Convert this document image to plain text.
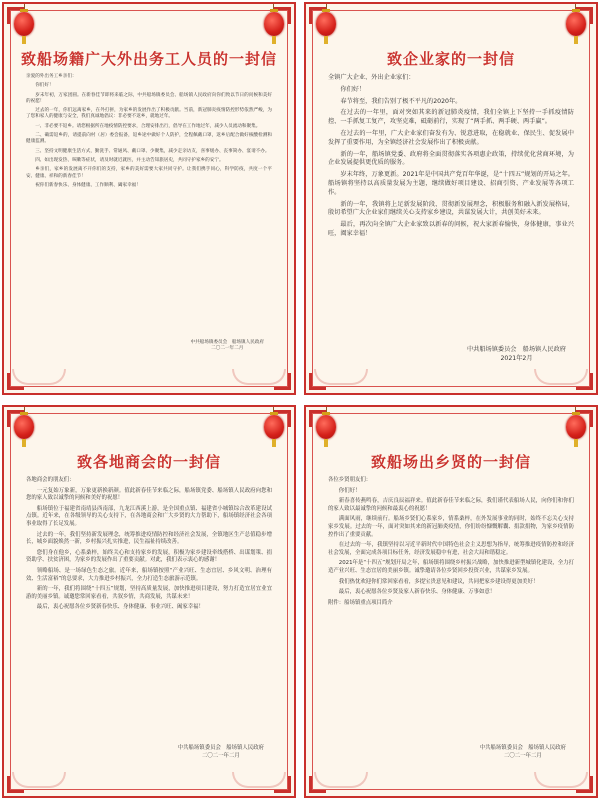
致船场籍广大外出务工人员的一封信

亲爱的外出务工乡亲们：

你们好！

岁末年初，万家团圆。在新春佳节即将来临之际，中共船场镇委员会、船场镇人民政府向你们致以节日的问候和美好的祝愿！

过去的一年，你们远离家乡，在外打拼，为家乡的发展作出了积极贡献。当前，新冠肺炎疫情防控形势依然严峻，为了您和家人的健康与安全，我们真诚地倡议：非必要不返乡，就地过年。

一、非必要不返乡。请您根据所在地疫情防控要求，合理安排出行，倡导在工作地过年，减少人员流动和聚集。

二、确需返乡的，请提前向村（居）委会报备，返乡途中做好个人防护，全程佩戴口罩，返乡后配合做好核酸检测和健康监测。

三、坚持文明健康生活方式，勤洗手、常通风、戴口罩、少聚集，减少走亲访友，喜事缓办、丧事简办、宴请不办。

四、如出现发热、咳嗽等症状，请及时就近就医，并主动告知旅居史，共同守护家乡的安宁。

乡亲们，家乡的发展离不开你们的支持，家乡的美好需要大家共同守护。让我们携手同心，科学防疫，共度一个平安、健康、祥和的新春佳节！

祝你们新春快乐、身体健康、工作顺利、阖家幸福！

中共船场镇委员会　船场镇人民政府
二〇二一年二月
致企业家的一封信

全镇广大企业、外出企业家们：

你们好！

春节将至，我们告别了极不平凡的2020年。

在过去的一年里，面对突如其来的新冠肺炎疫情，我们全镇上下坚持一手抓疫情防控、一手抓复工复产，攻坚克难，砥砺前行，实现了“两手抓、两手硬、两手赢”。

在过去的一年里，广大企业家们奋发有为、锐意进取，在稳就业、保民生、促发展中发挥了重要作用，为全镇经济社会发展作出了积极贡献。

新的一年，船场镇党委、政府将全面贯彻落实各项惠企政策，持续优化营商环境，为企业发展提供更优质的服务。

岁末年终，万象更新。2021年是中国共产党百年华诞，是“十四五”规划的开局之年。船场镇将坚持以高质量发展为主题，继续做好项目建设、招商引资、产业发展等各项工作。

新的一年，我镇将上足新发展阶段、贯彻新发展理念，积极服务和融入新发展格局，殷切希望广大企业家们继续关心支持家乡建设，共谋发展大计，共创美好未来。

最后，再次向全镇广大企业家致以新春的问候，祝大家新春愉快，身体健康，事业兴旺，阖家幸福！

中共船场镇委员会　船场镇人民政府
2021年2月
致各地商会的一封信

各地商会的朋友们：

一元复始万象新，万象更新换新颜。值此新春佳节来临之际，船场镇党委、船场镇人民政府向您和您的家人致以诚挚的问候和美好的祝愿！

船场镇位于福建省南靖县西南部，九龙江西溪上游，是全国重点镇、福建省小城镇综合改革建设试点镇。近年来，在各级领导的关心支持下，在各地商会和广大乡贤的大力帮助下，船场镇经济社会各项事业取得了长足发展。

过去的一年，我们坚持新发展理念，统筹推进疫情防控和经济社会发展，全镇地区生产总值稳步增长，城乡面貌焕然一新，乡村振兴扎实推进，民生福祉持续改善。

您们身在他乡，心系桑梓，始终关心和支持家乡的发展，积极为家乡建设牵线搭桥、出谋划策、捐资助学、扶贫济困，为家乡的发展作出了重要贡献。对此，我们表示衷心的感谢！

领略船场、是一场绿色生态之旅。近年来，船场镇按照“产业兴旺、生态宜居、乡风文明、治理有效、生活富裕”的总要求，大力推进乡村振兴，全力打造生态旅游示范镇。

新的一年，我们将围绕“十四五”规划，坚持高质量发展，加快推进项目建设，努力打造宜居宜业宜游的美丽乡镇。诚邀您常回家看看，共叙乡情，共商发展，共谋未来！

最后，衷心祝愿各位乡贤新春快乐、身体健康、事业兴旺、阖家幸福！

中共船场镇委员会　船场镇人民政府
二〇二一年二月
致船场出乡贤的一封信

各位乡贤朋友们：

你们好！

新春喜传燕鸣春，吉庆良辰福祥来。值此新春佳节来临之际，我们谨代表船场人民，向你们和你们的家人致以最诚挚的问候和最衷心的祝愿！

满面风雨，继续前行。船场乡贤们心系家乡，情系桑梓，在外发展事业的同时，始终不忘关心支持家乡发展。过去的一年，面对突如其来的新冠肺炎疫情，你们纷纷慷慨解囊、捐款捐物，为家乡疫情防控作出了重要贡献。

在过去的一年，我镇坚持以习近平新时代中国特色社会主义思想为指导，统筹推进疫情防控和经济社会发展，全面完成各项目标任务，经济发展稳中有进，社会大局和谐稳定。

2021年是“十四五”规划开局之年，船场镇将围绕乡村振兴战略，加快推进新型城镇化建设，全力打造产业兴旺、生态宜居的美丽乡镇。诚挚邀请各位乡贤回乡投资兴业，共谋家乡发展。

我们热忱欢迎你们常回家看看，多提宝贵意见和建议，共同把家乡建设得更加美好！

最后，衷心祝愿各位乡贤及家人新春快乐、身体健康、万事如意！

附件：船场镇重点项目简介

中共船场镇委员会　船场镇人民政府
二〇二一年二月
